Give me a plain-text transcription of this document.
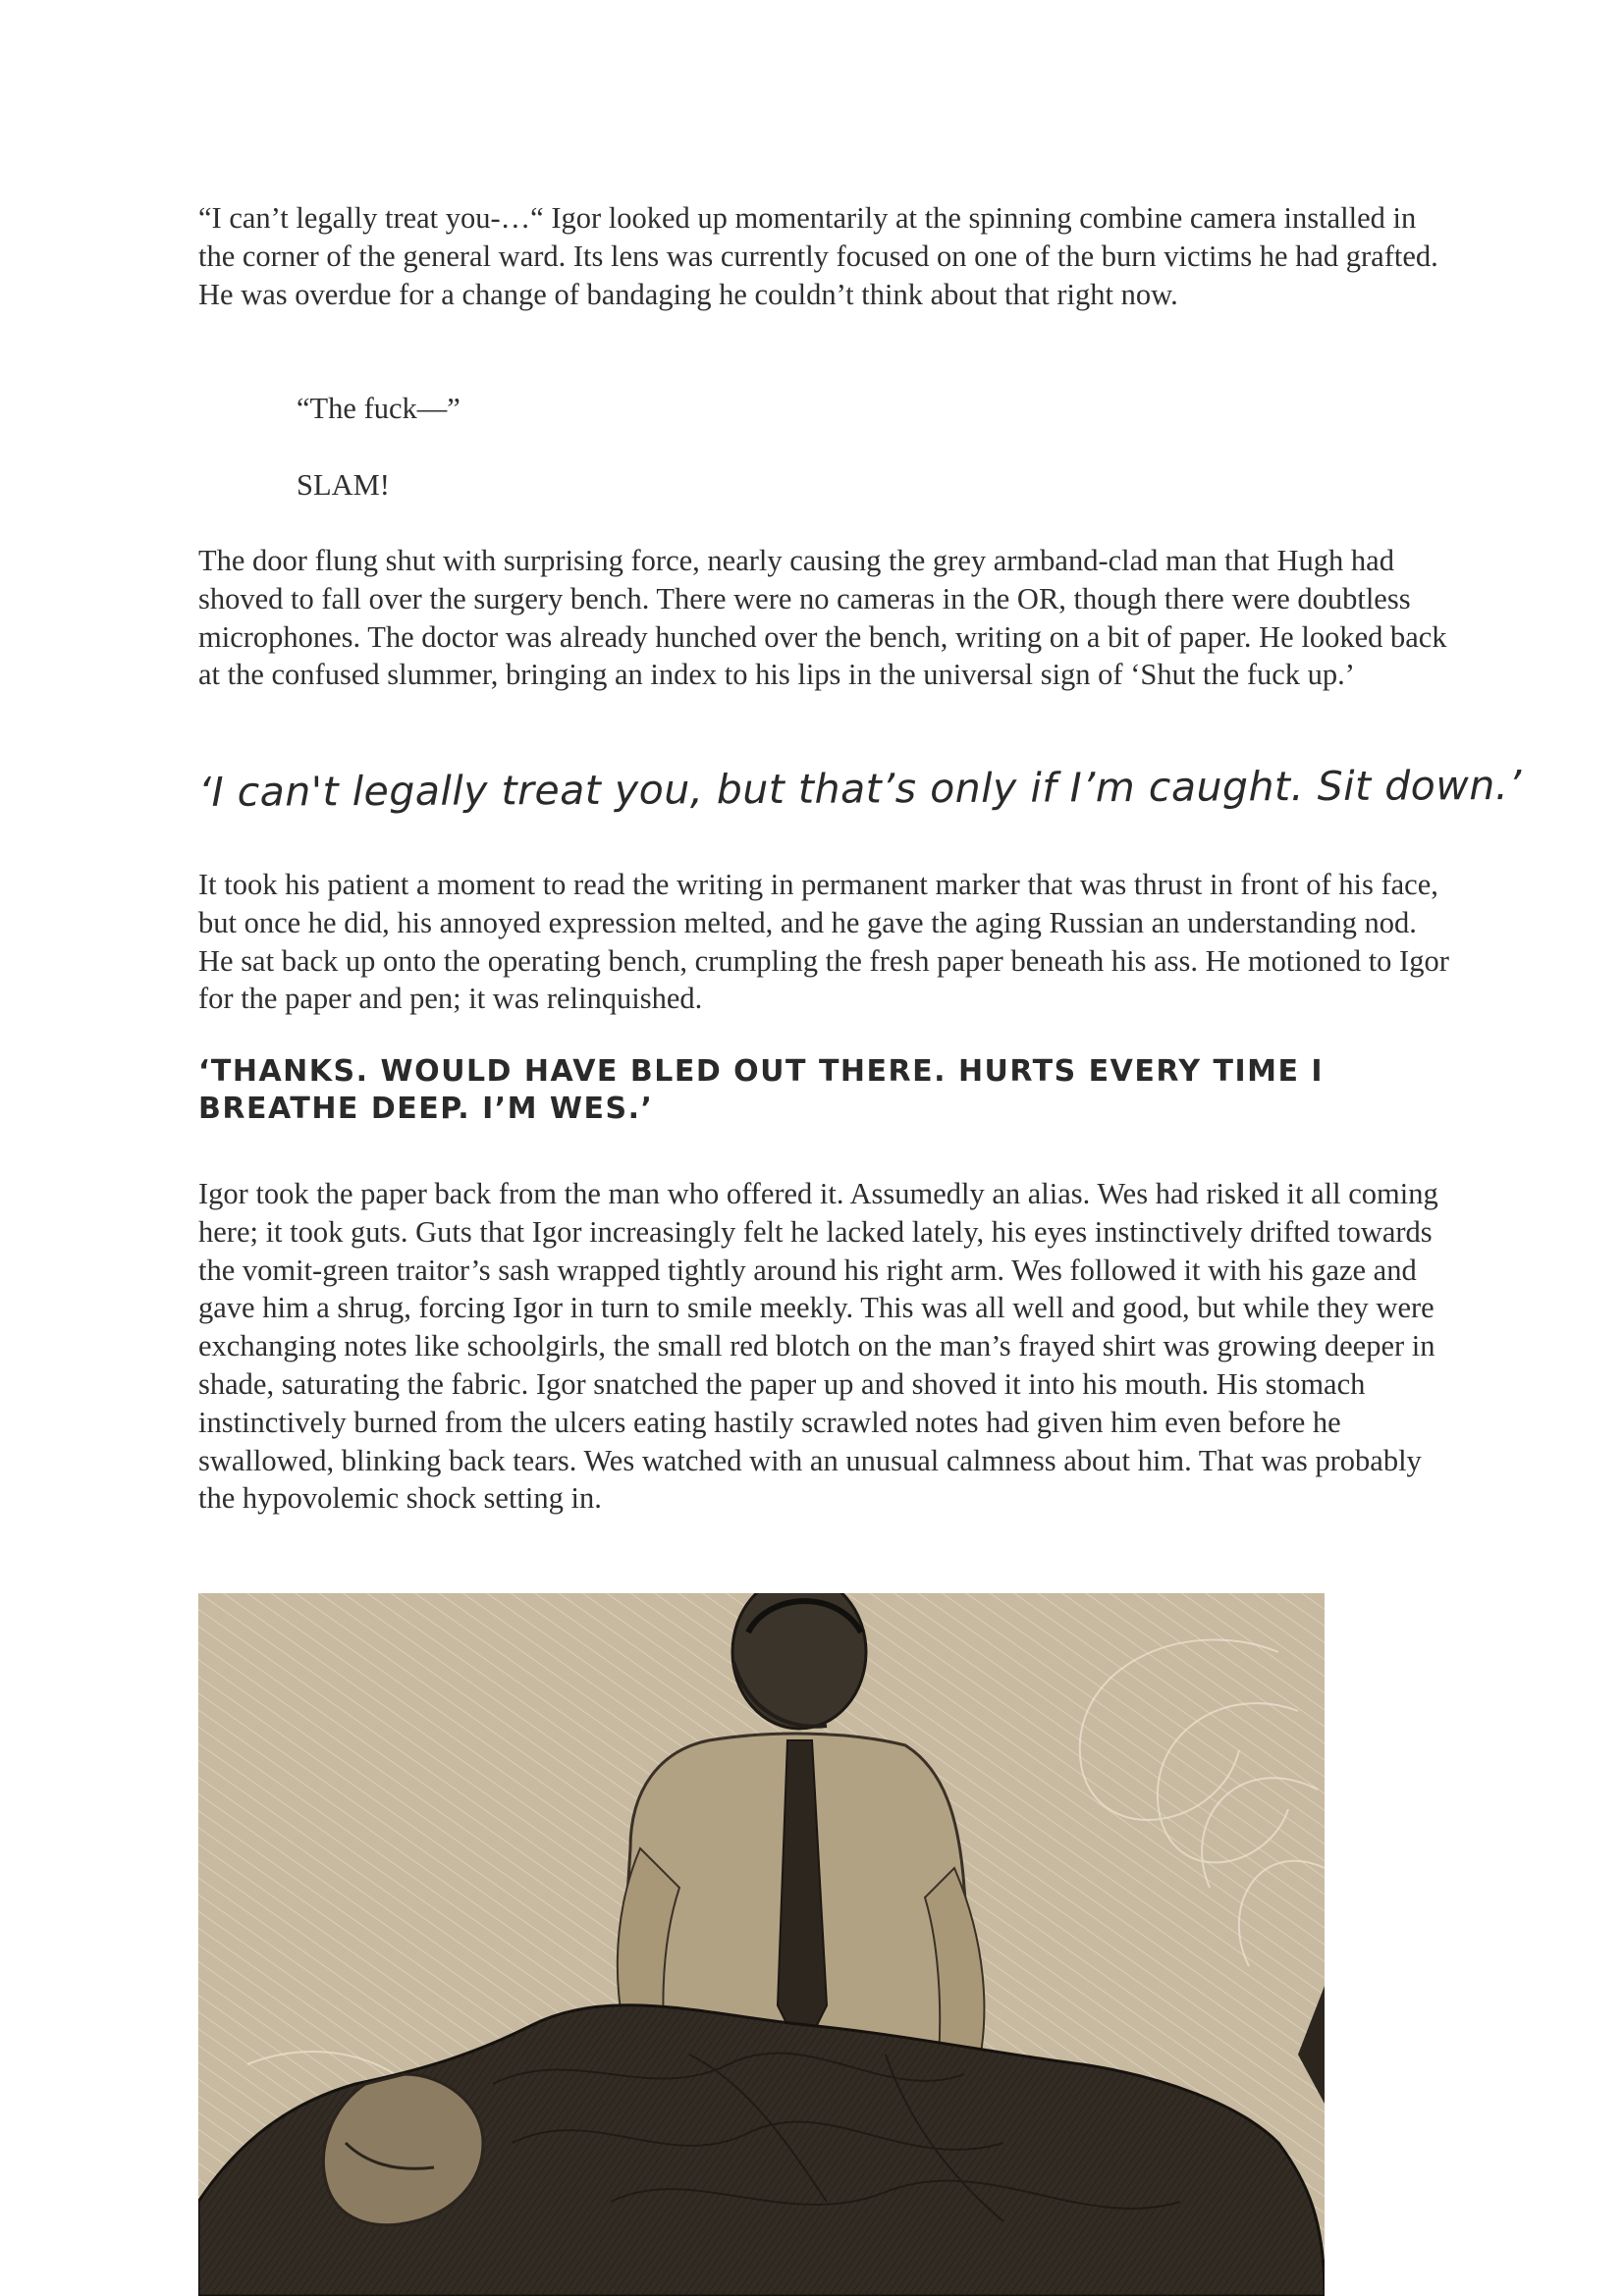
“I can’t legally treat you-…“ Igor looked up momentarily at the spinning combine camera installed in the corner of the general ward. Its lens was currently focused on one of the burn victims he had grafted. He was overdue for a change of bandaging he couldn’t think about that right now.

“The fuck—”

SLAM!

The door flung shut with surprising force, nearly causing the grey armband-clad man that Hugh had shoved to fall over the surgery bench. There were no cameras in the OR, though there were doubtless microphones. The doctor was already hunched over the bench, writing on a bit of paper. He looked back at the confused slummer, bringing an index to his lips in the universal sign of ‘Shut the fuck up.’

‘I can't legally treat you, but that’s only if I’m caught. Sit down.’

It took his patient a moment to read the writing in permanent marker that was thrust in front of his face, but once he did, his annoyed expression melted, and he gave the aging Russian an understanding nod. He sat back up onto the operating bench, crumpling the fresh paper beneath his ass. He motioned to Igor for the paper and pen; it was relinquished.

‘THANKS. WOULD HAVE BLED OUT THERE. HURTS EVERY TIME I BREATHE DEEP. I’M WES.’

Igor took the paper back from the man who offered it. Assumedly an alias. Wes had risked it all coming here; it took guts. Guts that Igor increasingly felt he lacked lately, his eyes instinctively drifted towards the vomit-green traitor’s sash wrapped tightly around his right arm. Wes followed it with his gaze and gave him a shrug, forcing Igor in turn to smile meekly. This was all well and good, but while they were exchanging notes like schoolgirls, the small red blotch on the man’s frayed shirt was growing deeper in shade, saturating the fabric. Igor snatched the paper up and shoved it into his mouth. His stomach instinctively burned from the ulcers eating hastily scrawled notes had given him even before he swallowed, blinking back tears. Wes watched with an unusual calmness about him. That was probably the hypovolemic shock setting in.
